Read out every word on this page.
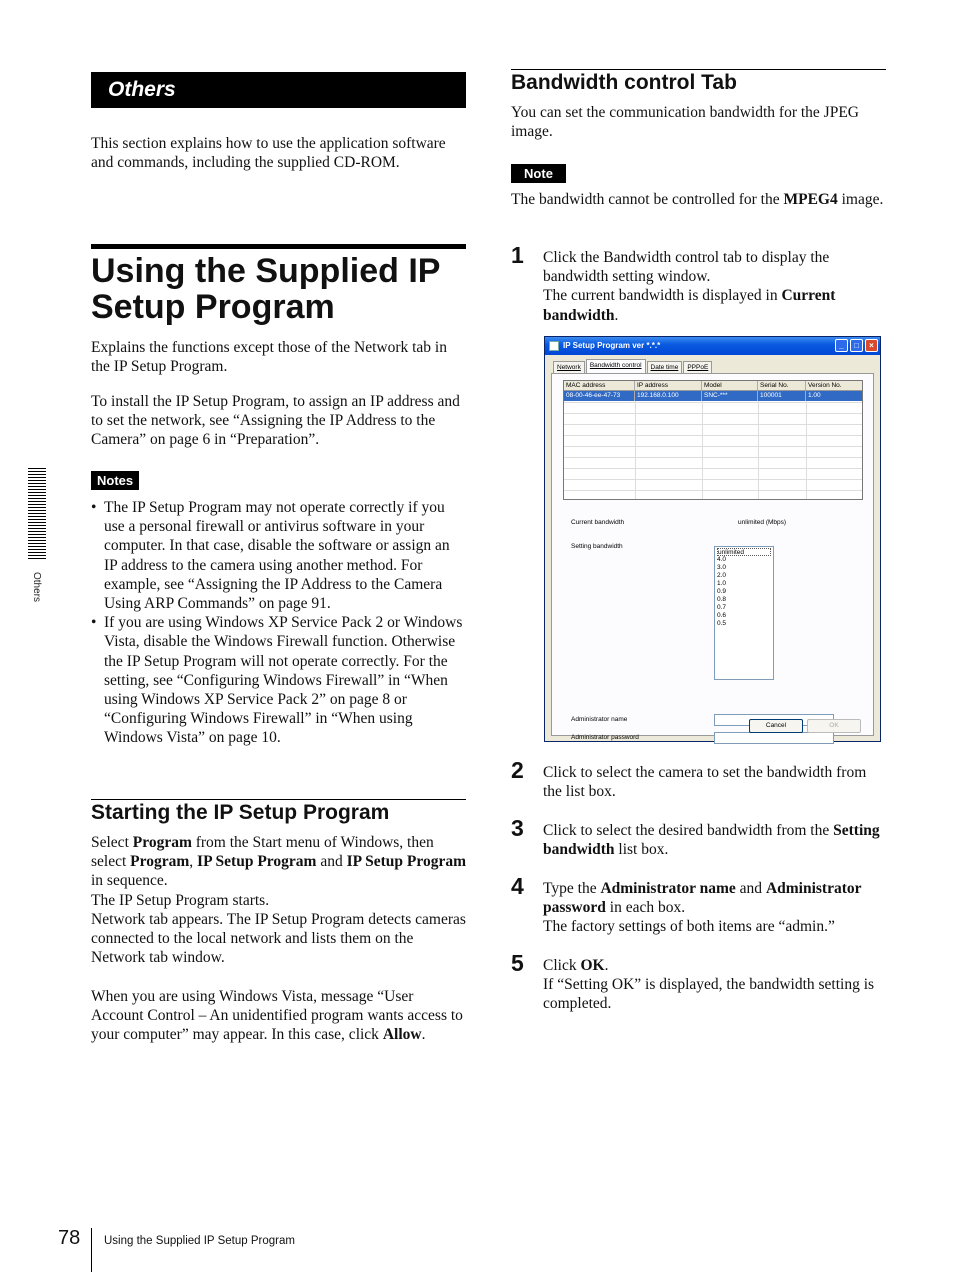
Others

This section explains how to use the application software and commands, including the supplied CD-ROM.

Using the Supplied IP Setup Program

Explains the functions except those of the Network tab in the IP Setup Program.

To install the IP Setup Program, to assign an IP address and to set the network, see “Assigning the IP Address to the Camera” on page 6 in “Preparation”.

Notes
• The IP Setup Program may not operate correctly if you use a personal firewall or antivirus software in your computer. In that case, disable the software or assign an IP address to the camera using another method. For example, see “Assigning the IP Address to the Camera Using ARP Commands” on page 91.
• If you are using Windows XP Service Pack 2 or Windows Vista, disable the Windows Firewall function. Otherwise the IP Setup Program will not operate correctly. For the setting, see “Configuring Windows Firewall” in “When using Windows XP Service Pack 2” on page 8 or “Configuring Windows Firewall” in “When using Windows Vista” on page 10.
Starting the IP Setup Program

Select Program from the Start menu of Windows, then select Program, IP Setup Program and IP Setup Program in sequence.
The IP Setup Program starts.
Network tab appears. The IP Setup Program detects cameras connected to the local network and lists them on the Network tab window.

When you are using Windows Vista, message “User Account Control – An unidentified program wants access to your computer” may appear. In this case, click Allow.

Bandwidth control Tab

You can set the communication bandwidth for the JPEG image.

Note

The bandwidth cannot be controlled for the MPEG4 image.

1 Click the Bandwidth control tab to display the bandwidth setting window.
The current bandwidth is displayed in Current bandwidth.

IP Setup Program ver *.*.*	_	□	×
Network	Bandwidth control	Date time	PPPoE
MAC address	IP address	Model	Serial No.	Version No.
08-00-46-ee-47-73	192.168.0.100	SNC-***	100001	1.00
Current bandwidth	unlimited (Mbps)
Setting bandwidth
unlimited
4.0
3.0
2.0
1.0
0.9
0.8
0.7
0.6
0.5
Administrator name
Administrator password
Cancel	OK
2 Click to select the camera to set the bandwidth from the list box.

3 Click to select the desired bandwidth from the Setting bandwidth list box.

4 Type the Administrator name and Administrator password in each box.
The factory settings of both items are “admin.”

5 Click OK.
If “Setting OK” is displayed, the bandwidth setting is completed.

Others
78 Using the Supplied IP Setup Program
